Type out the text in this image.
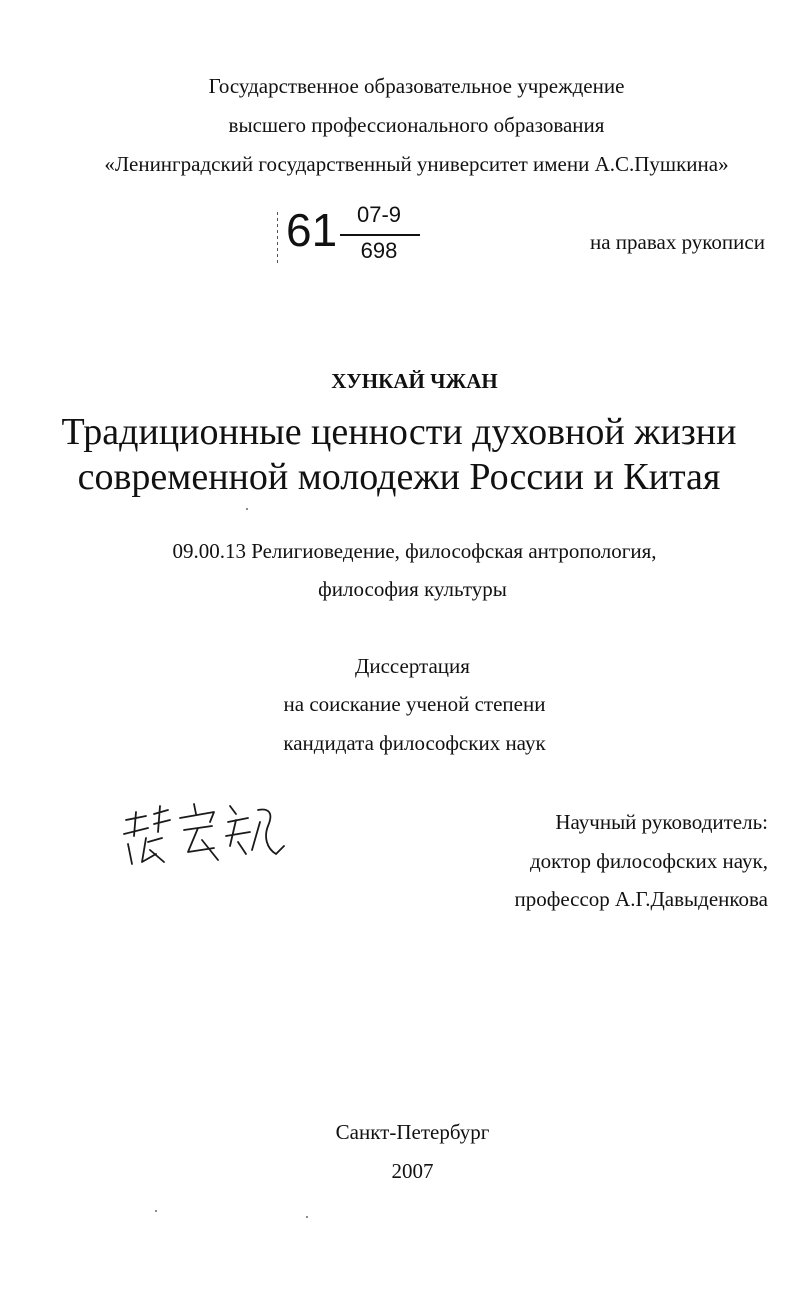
Государственное образовательное учреждение
высшего профессионального образования
«Ленинградский государственный университет имени А.С.Пушкина»
61 07-9
698	на правах рукописи
ХУНКАЙ ЧЖАН
Традиционные ценности духовной жизни
современной молодежи России и Китая
09.00.13 Религиоведение, философская антропология,
философия культуры
Диссертация
на соискание ученой степени
кандидата философских наук
Научный руководитель:
доктор философских наук,
профессор А.Г.Давыденкова
Санкт-Петербург
2007
